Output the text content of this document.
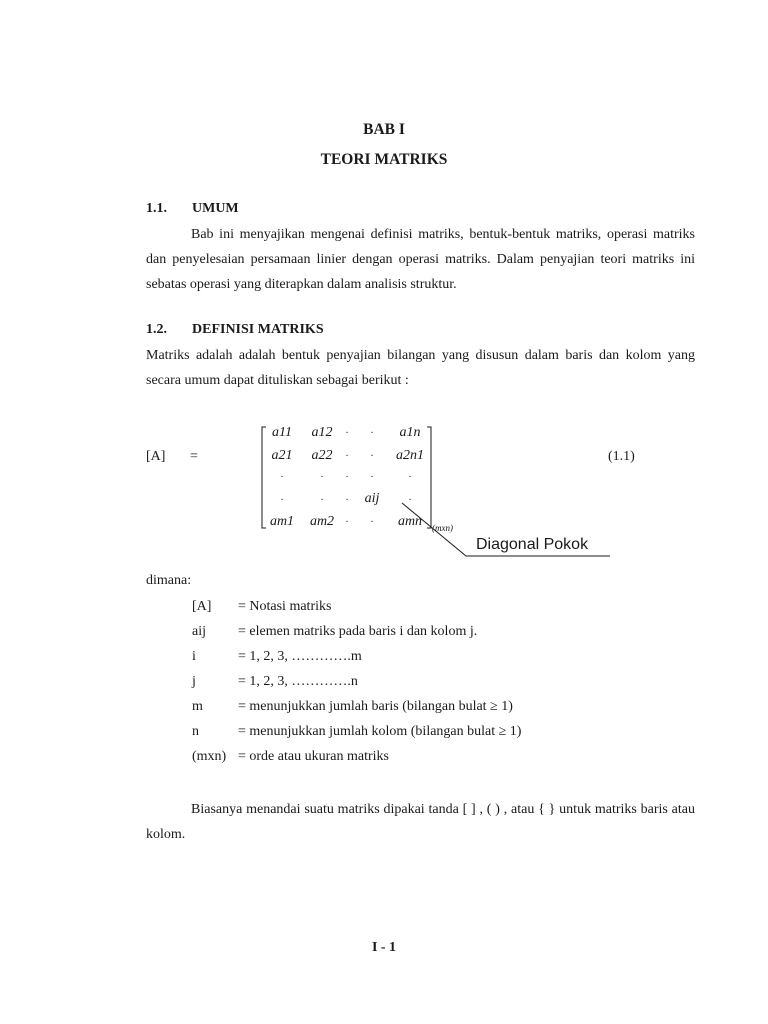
BAB I
TEORI MATRIKS
1.1. UMUM
Bab ini menyajikan mengenai definisi matriks, bentuk-bentuk matriks, operasi matriks dan penyelesaian persamaan linier dengan operasi matriks. Dalam penyajian teori matriks ini sebatas operasi yang diterapkan dalam analisis struktur.
1.2. DEFINISI MATRIKS
Matriks adalah adalah bentuk penyajian bilangan yang disusun dalam baris dan kolom yang secara umum dapat dituliskan sebagai berikut :
[A] =	(1.1)
a11	a12	·	·	a1n
a21	a22	·	·	a2n1
·	·	·	·	·
·	·	·	aij	·
am1	am2	·	·	amn	(mxn)
Diagonal Pokok
dimana:
[A] = Notasi matriks
aij = elemen matriks pada baris i dan kolom j.
i	= 1, 2, 3, ………….m
j	= 1, 2, 3, ………….n
m	= menunjukkan jumlah baris (bilangan bulat ≥ 1)
n	= menunjukkan jumlah kolom (bilangan bulat ≥ 1)
(mxn) = orde atau ukuran matriks
Biasanya menandai suatu matriks dipakai tanda [ ] , ( ) , atau { } untuk matriks baris atau kolom.
I - 1
